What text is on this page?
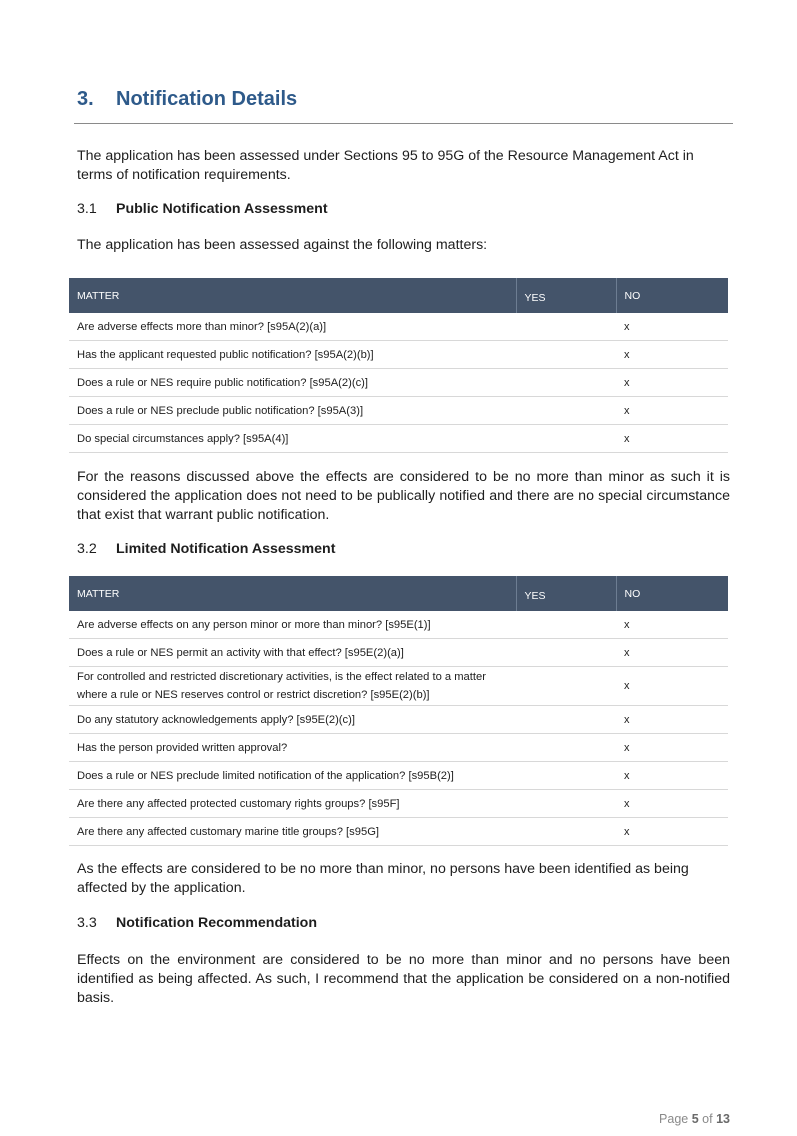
3. Notification Details

The application has been assessed under Sections 95 to 95G of the Resource Management Act in terms of notification requirements.

3.1 Public Notification Assessment

The application has been assessed against the following matters:

MATTER	YES	NO
Are adverse effects more than minor? [s95A(2)(a)]		x
Has the applicant requested public notification? [s95A(2)(b)]		x
Does a rule or NES require public notification? [s95A(2)(c)]		x
Does a rule or NES preclude public notification? [s95A(3)]		x
Do special circumstances apply? [s95A(4)]		x

For the reasons discussed above the effects are considered to be no more than minor as such it is considered the application does not need to be publically notified and there are no special circumstance that exist that warrant public notification.

3.2 Limited Notification Assessment
MATTER	YES	NO
Are adverse effects on any person minor or more than minor? [s95E(1)]		x
Does a rule or NES permit an activity with that effect? [s95E(2)(a)]		x
For controlled and restricted discretionary activities, is the effect related to a matter where a rule or NES reserves control or restrict discretion? [s95E(2)(b)]		x
Do any statutory acknowledgements apply? [s95E(2)(c)]		x
Has the person provided written approval?		x
Does a rule or NES preclude limited notification of the application? [s95B(2)]		x
Are there any affected protected customary rights groups? [s95F]		x
Are there any affected customary marine title groups? [s95G]		x

As the effects are considered to be no more than minor, no persons have been identified as being affected by the application.

3.3 Notification Recommendation

Effects on the environment are considered to be no more than minor and no persons have been identified as being affected. As such, I recommend that the application be considered on a non-notified basis.

Page 5 of 13
